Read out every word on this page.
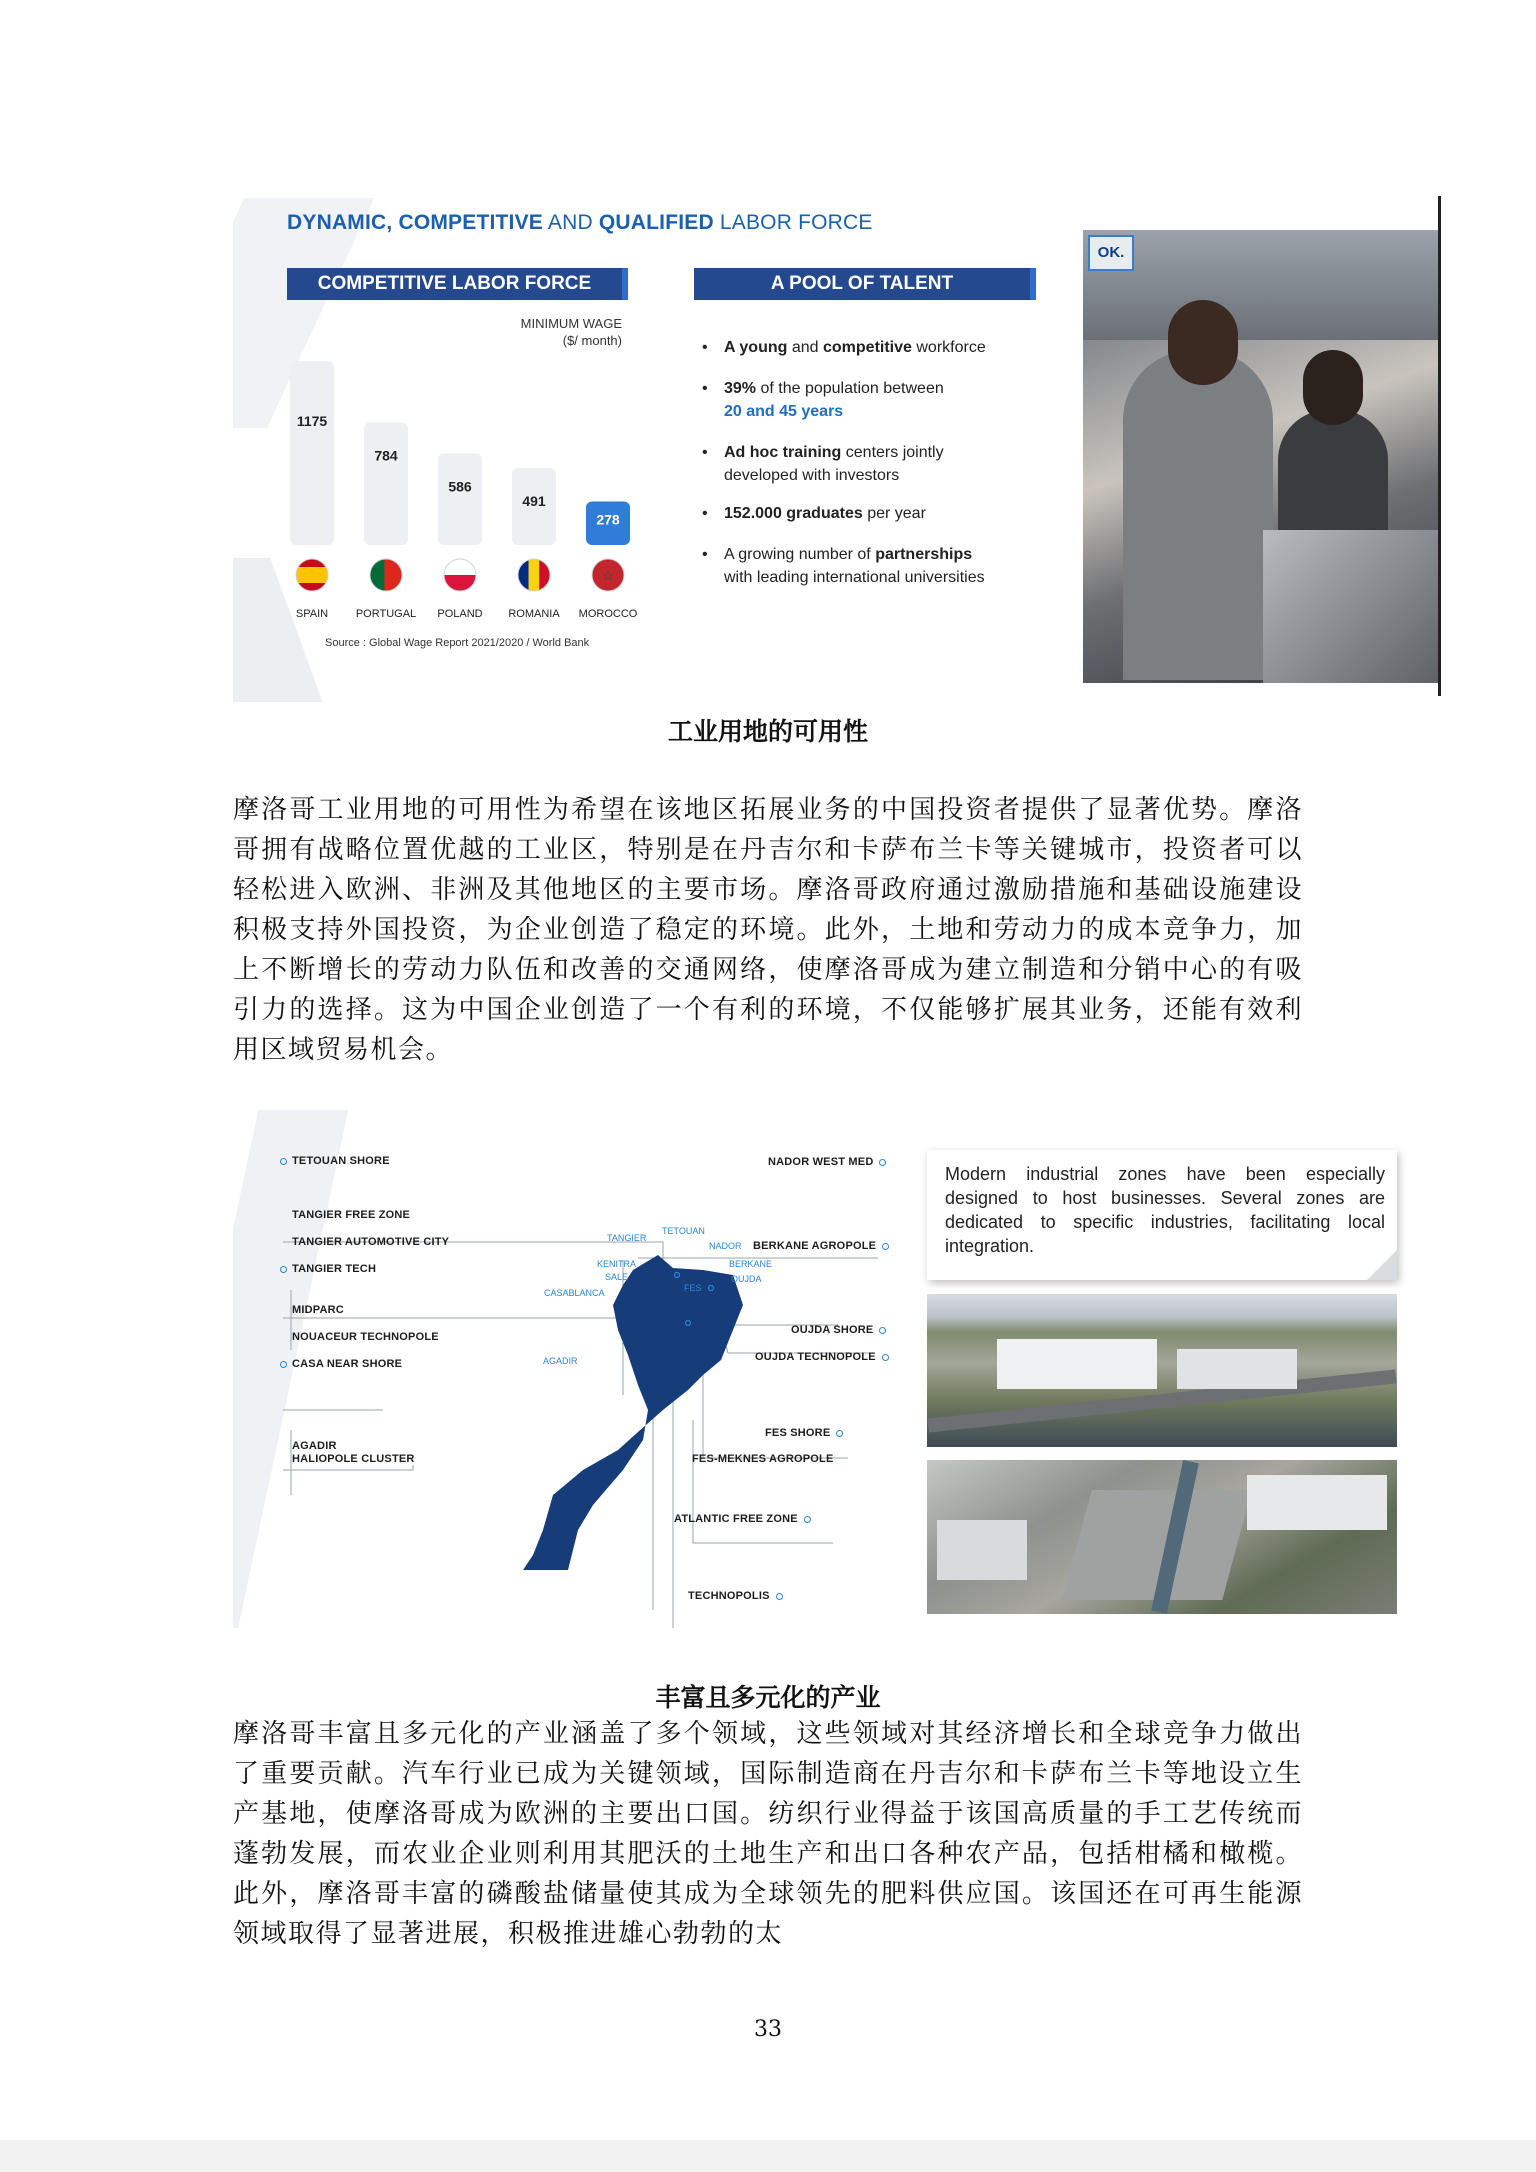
DYNAMIC, COMPETITIVE AND QUALIFIED LABOR FORCE
COMPETITIVE LABOR FORCE	A POOL OF TALENT
MINIMUM WAGE
($/ month)
1175
SPAIN
784
PORTUGAL
586
POLAND
491
ROMANIA
278
☆
MOROCCO
Source : Global Wage Report 2021/2020 / World Bank
• A young and competitive workforce
• 39% of the population between
20 and 45 years
• Ad hoc training centers jointly
developed with investors
• 152.000 graduates per year
• A growing number of partnerships
with leading international universities
OK.
工业用地的可用性
摩洛哥工业用地的可用性为希望在该地区拓展业务的中国投资者提供了显著优势。摩洛哥拥有战略位置优越的工业区，特别是在丹吉尔和卡萨布兰卡等关键城市，投资者可以轻松进入欧洲、非洲及其他地区的主要市场。摩洛哥政府通过激励措施和基础设施建设积极支持外国投资，为企业创造了稳定的环境。此外，土地和劳动力的成本竞争力，加上不断增长的劳动力队伍和改善的交通网络，使摩洛哥成为建立制造和分销中心的有吸引力的选择。这为中国企业创造了一个有利的环境，不仅能够扩展其业务，还能有效利用区域贸易机会。
TETOUAN SHORE
TANGIER FREE ZONE
TANGIER AUTOMOTIVE CITY
TANGIER TECH
MIDPARC
NOUACEUR TECHNOPOLE
CASA NEAR SHORE
AGADIR
HALIOPOLE CLUSTER
NADOR WEST MED
BERKANE AGROPOLE
OUJDA SHORE
OUJDA TECHNOPOLE
FES SHORE
FES-MEKNES AGROPOLE
ATLANTIC FREE ZONE
TECHNOPOLIS
TANGIER
TETOUAN
NADOR
KENITRA
SALE
BERKANE
OUJDA
FES
CASABLANCA
AGADIR
Modern industrial zones have been especially designed to host businesses. Several zones are dedicated to specific industries, facilitating local integration.
丰富且多元化的产业
摩洛哥丰富且多元化的产业涵盖了多个领域，这些领域对其经济增长和全球竞争力做出了重要贡献。汽车行业已成为关键领域，国际制造商在丹吉尔和卡萨布兰卡等地设立生产基地，使摩洛哥成为欧洲的主要出口国。纺织行业得益于该国高质量的手工艺传统而蓬勃发展，而农业企业则利用其肥沃的土地生产和出口各种农产品，包括柑橘和橄榄。此外，摩洛哥丰富的磷酸盐储量使其成为全球领先的肥料供应国。该国还在可再生能源领域取得了显著进展，积极推进雄心勃勃的太
33
